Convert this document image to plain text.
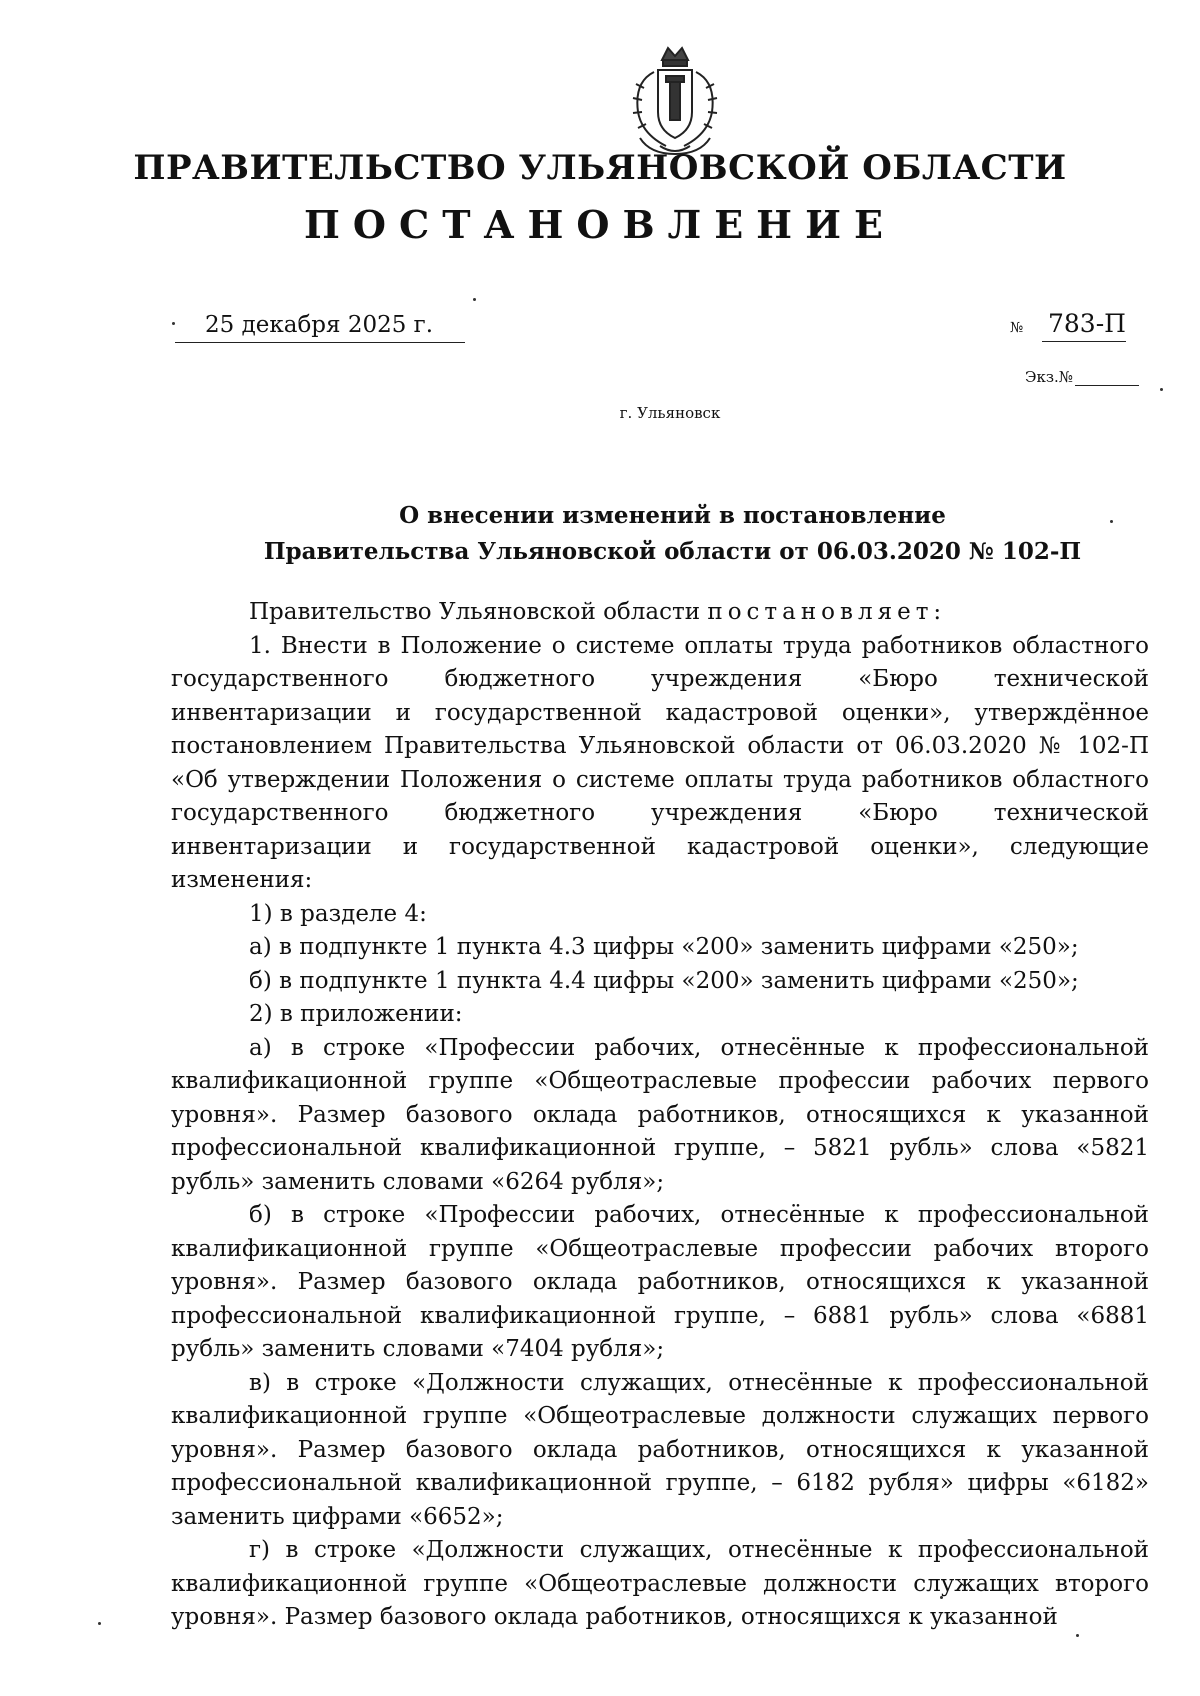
ПРАВИТЕЛЬСТВО УЛЬЯНОВСКОЙ ОБЛАСТИ
ПОСТАНОВЛЕНИЕ
25 декабря 2025 г.	№ 783-П
Экз.№
г. Ульяновск
О внесении изменений в постановление
Правительства Ульяновской области от 06.03.2020 № 102-П

Правительство Ульяновской области постановляет:

1. Внести в Положение о системе оплаты труда работников областного государственного бюджетного учреждения «Бюро технической инвентаризации и государственной кадастровой оценки», утверждённое постановлением Правительства Ульяновской области от 06.03.2020 № 102-П «Об утверждении Положения о системе оплаты труда работников областного государственного бюджетного учреждения «Бюро технической инвентаризации и государственной кадастровой оценки», следующие изменения:

1) в разделе 4:

а) в подпункте 1 пункта 4.3 цифры «200» заменить цифрами «250»;

б) в подпункте 1 пункта 4.4 цифры «200» заменить цифрами «250»;

2) в приложении:

а) в строке «Профессии рабочих, отнесённые к профессиональной квалификационной группе «Общеотраслевые профессии рабочих первого уровня». Размер базового оклада работников, относящихся к указанной профессиональной квалификационной группе, – 5821 рубль» слова «5821 рубль» заменить словами «6264 рубля»;

б) в строке «Профессии рабочих, отнесённые к профессиональной квалификационной группе «Общеотраслевые профессии рабочих второго уровня». Размер базового оклада работников, относящихся к указанной профессиональной квалификационной группе, – 6881 рубль» слова «6881 рубль» заменить словами «7404 рубля»;

в) в строке «Должности служащих, отнесённые к профессиональной квалификационной группе «Общеотраслевые должности служащих первого уровня». Размер базового оклада работников, относящихся к указанной профессиональной квалификационной группе, – 6182 рубля» цифры «6182» заменить цифрами «6652»;

г) в строке «Должности служащих, отнесённые к профессиональной квалификационной группе «Общеотраслевые должности служащих второго уровня». Размер базового оклада работников, относящихся к указанной
